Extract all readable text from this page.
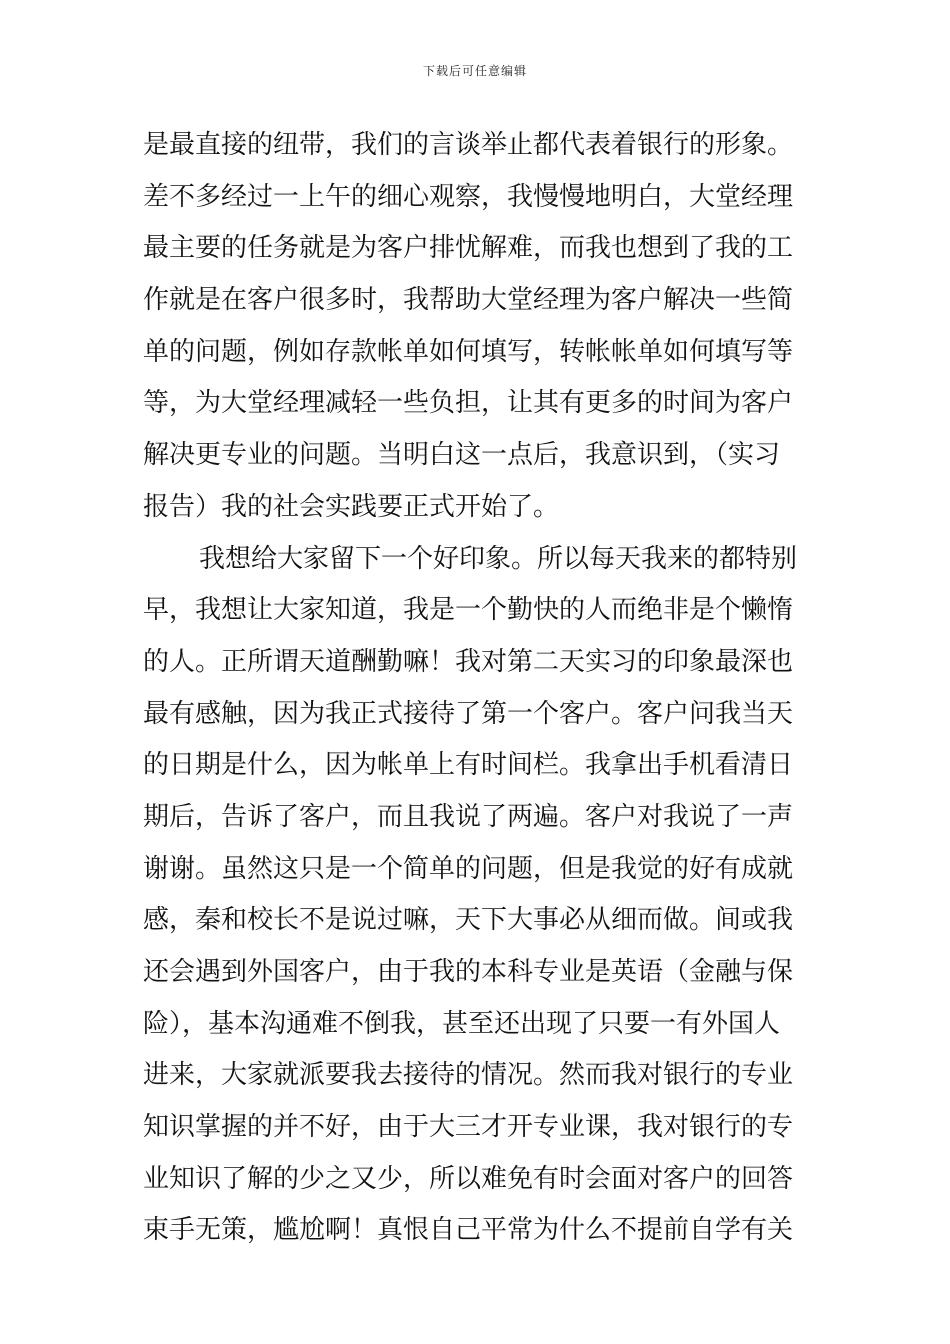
下载后可任意编辑
是最直接的纽带，我们的言谈举止都代表着银行的形象。
差不多经过一上午的细心观察，我慢慢地明白，大堂经理
最主要的任务就是为客户排忧解难，而我也想到了我的工
作就是在客户很多时，我帮助大堂经理为客户解决一些简
单的问题，例如存款帐单如何填写，转帐帐单如何填写等
等，为大堂经理减轻一些负担，让其有更多的时间为客户
解决更专业的问题。当明白这一点后，我意识到，（实习
报告）我的社会实践要正式开始了。
我想给大家留下一个好印象。所以每天我来的都特别
早，我想让大家知道，我是一个勤快的人而绝非是个懒惰
的人。正所谓天道酬勤嘛！我对第二天实习的印象最深也
最有感触，因为我正式接待了第一个客户。客户问我当天
的日期是什么，因为帐单上有时间栏。我拿出手机看清日
期后，告诉了客户，而且我说了两遍。客户对我说了一声
谢谢。虽然这只是一个简单的问题，但是我觉的好有成就
感，秦和校长不是说过嘛，天下大事必从细而做。间或我
还会遇到外国客户，由于我的本科专业是英语（金融与保
险），基本沟通难不倒我，甚至还出现了只要一有外国人
进来，大家就派要我去接待的情况。然而我对银行的专业
知识掌握的并不好，由于大三才开专业课，我对银行的专
业知识了解的少之又少，所以难免有时会面对客户的回答
束手无策，尴尬啊！真恨自己平常为什么不提前自学有关
